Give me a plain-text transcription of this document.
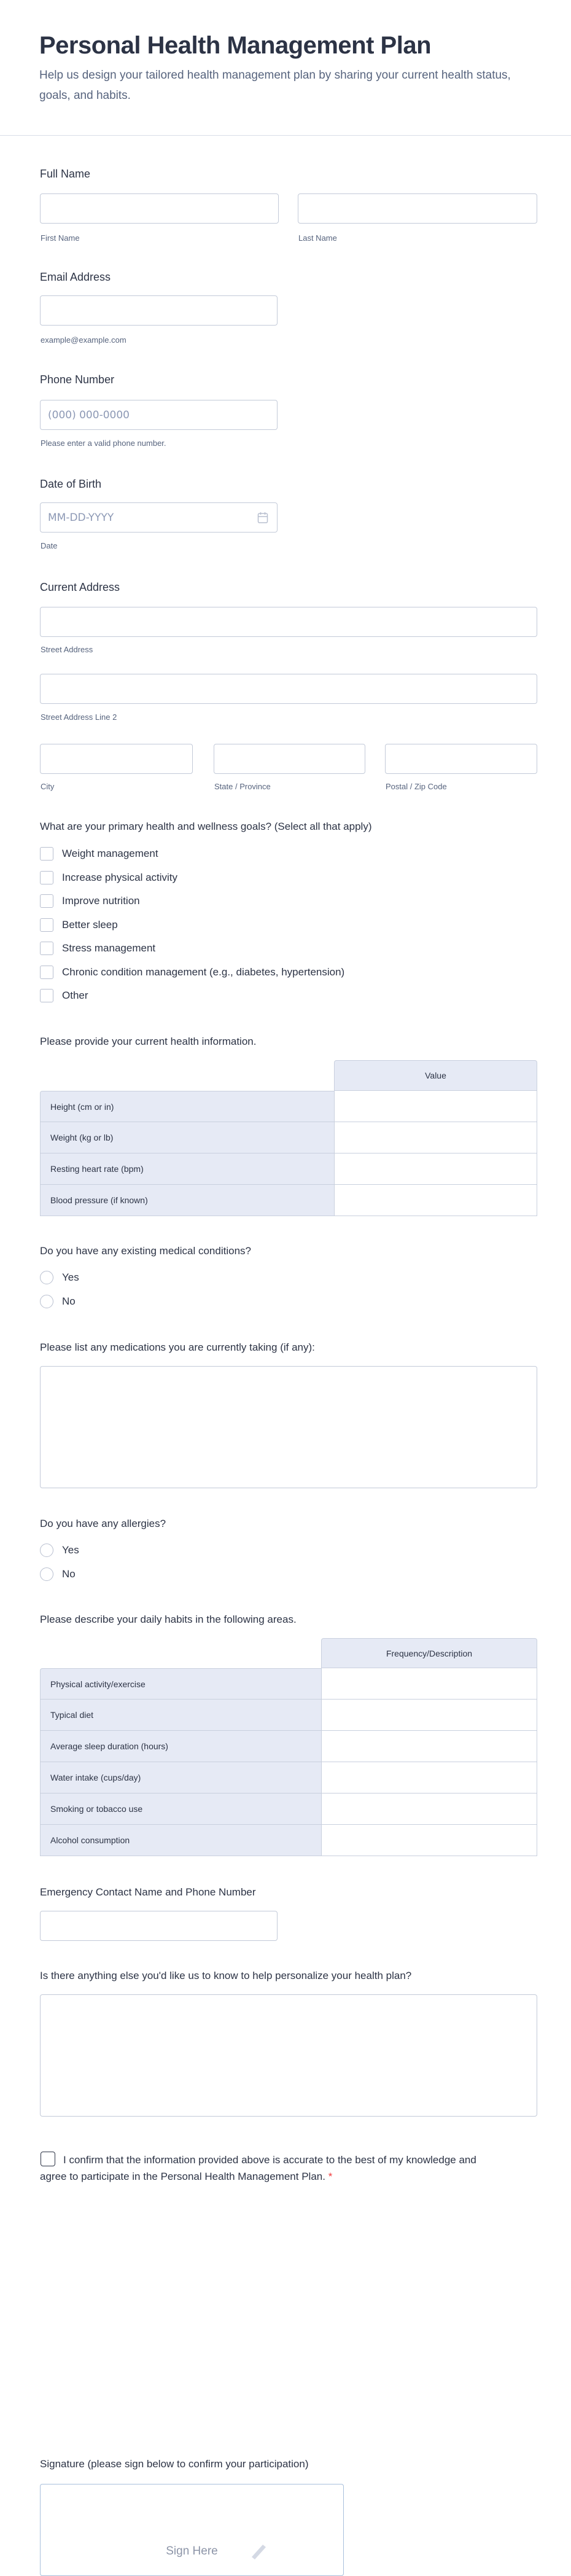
Personal Health Management Plan
Help us design your tailored health management plan by sharing your current health status, goals, and habits.
Full Name
First Name	Last Name
Email Address
example@example.com
Phone Number
(000) 000-0000
Please enter a valid phone number.
Date of Birth
MM-DD-YYYY
Date
Current Address
Street Address
Street Address Line 2
City	State / Province	Postal / Zip Code
What are your primary health and wellness goals? (Select all that apply)
Weight management
Increase physical activity
Improve nutrition
Better sleep
Stress management
Chronic condition management (e.g., diabetes, hypertension)
Other
Please provide your current health information.
	Value
Height (cm or in)	
Weight (kg or lb)	
Resting heart rate (bpm)	
Blood pressure (if known)	
Do you have any existing medical conditions?
Yes
No
Please list any medications you are currently taking (if any):
Do you have any allergies?
Yes
No
Please describe your daily habits in the following areas.
	Frequency/Description
Physical activity/exercise	
Typical diet	
Average sleep duration (hours)	
Water intake (cups/day)	
Smoking or tobacco use	
Alcohol consumption	
Emergency Contact Name and Phone Number
Is there anything else you'd like us to know to help personalize your health plan?
I confirm that the information provided above is accurate to the best of my knowledge and agree to participate in the Personal Health Management Plan. *
Signature (please sign below to confirm your participation)
Sign Here
